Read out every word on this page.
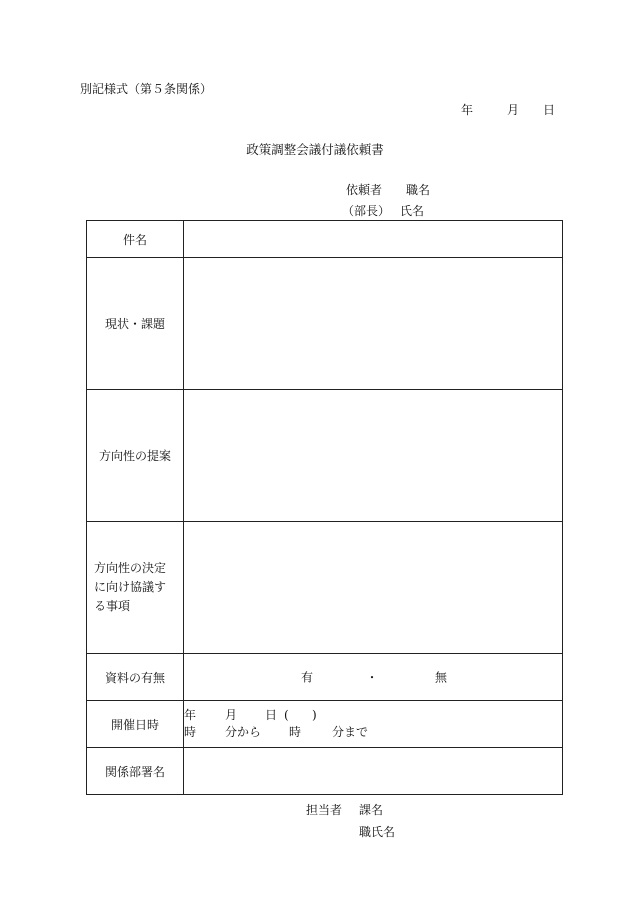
別記様式（第５条関係）
年	月	日
政策調整会議付議依頼書
依頼者 職名
（部長） 氏名
件名	
現状・課題	
方向性の提案	

方向性の決定
に向け協議す
る事項	

資料の有無	有 ・ 無

開催日時	年 月 日 ( )
時 分から 時 分まで

関係部署名	
担当者 課名
職氏名
